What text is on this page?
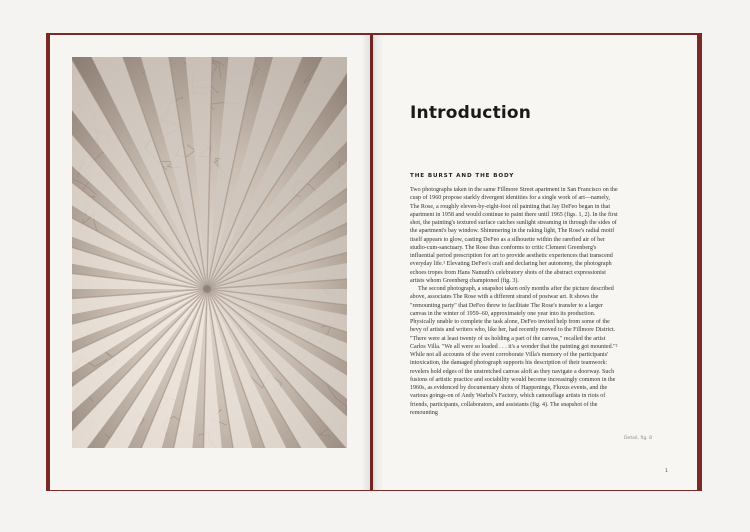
Introduction
THE BURST AND THE BODY

Two photographs taken in the same Fillmore Street apartment in San Francisco on the cusp of 1960 propose starkly divergent identities for a single work of art—namely, The Rose, a roughly eleven-by-eight-foot oil painting that Jay DeFeo began in that apartment in 1958 and would continue to paint there until 1965 (figs. 1, 2). In the first shot, the painting's textured surface catches sunlight streaming in through the sides of the apartment's bay window. Shimmering in the raking light, The Rose's radial motif itself appears to glow, casting DeFeo as a silhouette within the rarefied air of her studio-cum-sanctuary. The Rose thus conforms to critic Clement Greenberg's influential period prescription for art to provide aesthetic experiences that transcend everyday life.¹ Elevating DeFeo's craft and declaring her autonomy, the photograph echoes tropes from Hans Namuth's celebratory shots of the abstract expressionist artists whom Greenberg championed (fig. 3).

The second photograph, a snapshot taken only months after the picture described above, associates The Rose with a different strand of postwar art. It shows the "remounting party" that DeFeo threw to facilitate The Rose's transfer to a larger canvas in the winter of 1959–60, approximately one year into its production. Physically unable to complete the task alone, DeFeo invited help from some of the bevy of artists and writers who, like her, had recently moved to the Fillmore District. "There were at least twenty of us holding a part of the canvas," recalled the artist Carlos Villa. "We all were so loaded . . . it's a wonder that the painting got mounted."² While not all accounts of the event corroborate Villa's memory of the participants' intoxication, the damaged photograph supports his description of their teamwork: revelers hold edges of the unstretched canvas aloft as they navigate a doorway. Such fusions of artistic practice and sociability would become increasingly common in the 1960s, as evidenced by documentary shots of Happenings, Fluxus events, and the various goings-on of Andy Warhol's Factory, which camouflage artists in riots of friends, participants, collaborators, and assistants (fig. 4). The snapshot of the remounting

Detail, fig. 8
1
